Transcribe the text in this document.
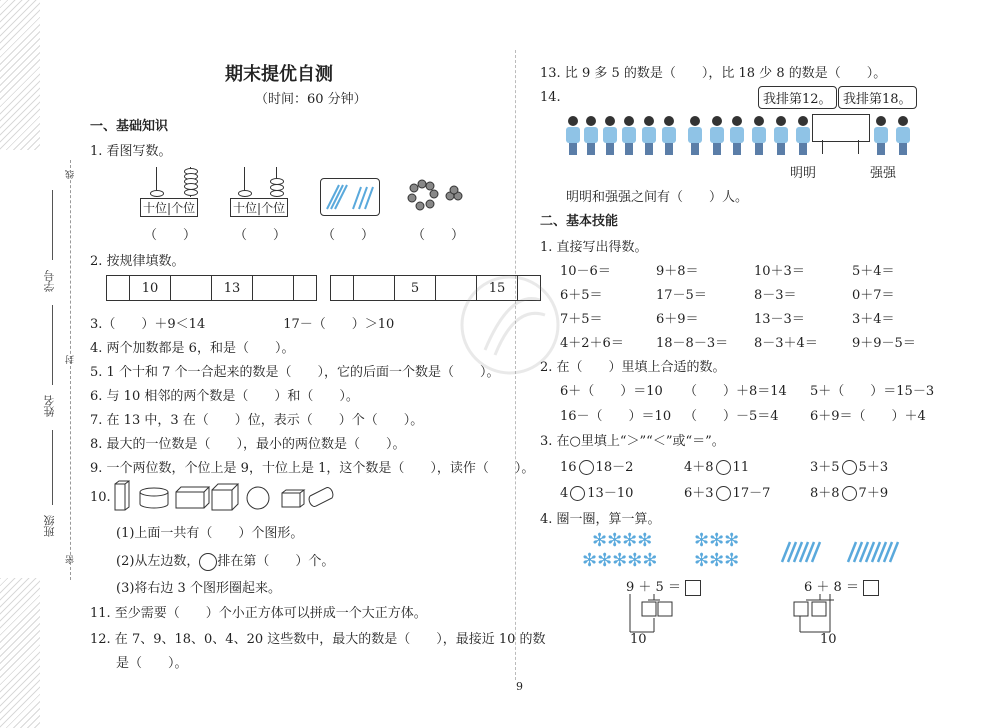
学号
姓名
班级
线
封
密
期末提优自测
（时间：60 分钟）
一、基础知识
1. 看图写数。
十位|个位	十位|个位
（　　）	（　　）	（　　）	（　　）
2. 按规律填数。
	10		13		
			5		15	
3.（　　）＋9＜14　　　　　　17－（　　）＞10
4. 两个加数都是 6，和是（　　）。
5. 1 个十和 7 个一合起来的数是（　　），它的后面一个数是（　　）。
6. 与 10 相邻的两个数是（　　）和（　　）。
7. 在 13 中，3 在（　　）位，表示（　　）个（　　）。
8. 最大的一位数是（　　），最小的两位数是（　　）。
9. 一个两位数，个位上是 9，十位上是 1，这个数是（　　），读作（　　）。
10.
(1)上面一共有（　　）个图形。
(2)从左边数， 排在第（　　）个。
(3)将右边 3 个图形圈起来。
11. 至少需要（　　）个小正方体可以拼成一个大正方体。
12. 在 7、9、18、0、4、20 这些数中，最大的数是（　　），最接近 10 的数
是（　　）。
13. 比 9 多 5 的数是（　　），比 18 少 8 的数是（　　）。
14.	我排第12。 我排第18。
明明	强强
明明和强强之间有（　　）人。
二、基本技能
1. 直接写出得数。
10－6＝	9＋8＝	10＋3＝	5＋4＝
6＋5＝	17－5＝	8－3＝	0＋7＝
7＋5＝	6＋9＝	13－3＝	3＋4＝
4＋2＋6＝ 18－8－3＝ 8－3＋4＝	9＋9－5＝
2. 在（　　）里填上合适的数。
6＋（　　）＝10 （　　）＋8＝14 5＋（　　）＝15－3
16－（　　）＝10 （　　）－5＝4 6＋9＝（　　）＋4
3. 在○里填上“＞”“＜”或“＝”。
16 18－2	4＋8 11	3＋5 5＋3
4 13－10	6＋3 17－7	8＋8 7＋9
4. 圈一圈，算一算。
✻✻✻✻
✻✻✻✻✻
✻✻✻
✻✻✻
9 ＋ 5 ＝	6 ＋ 8 ＝
10	10
9
